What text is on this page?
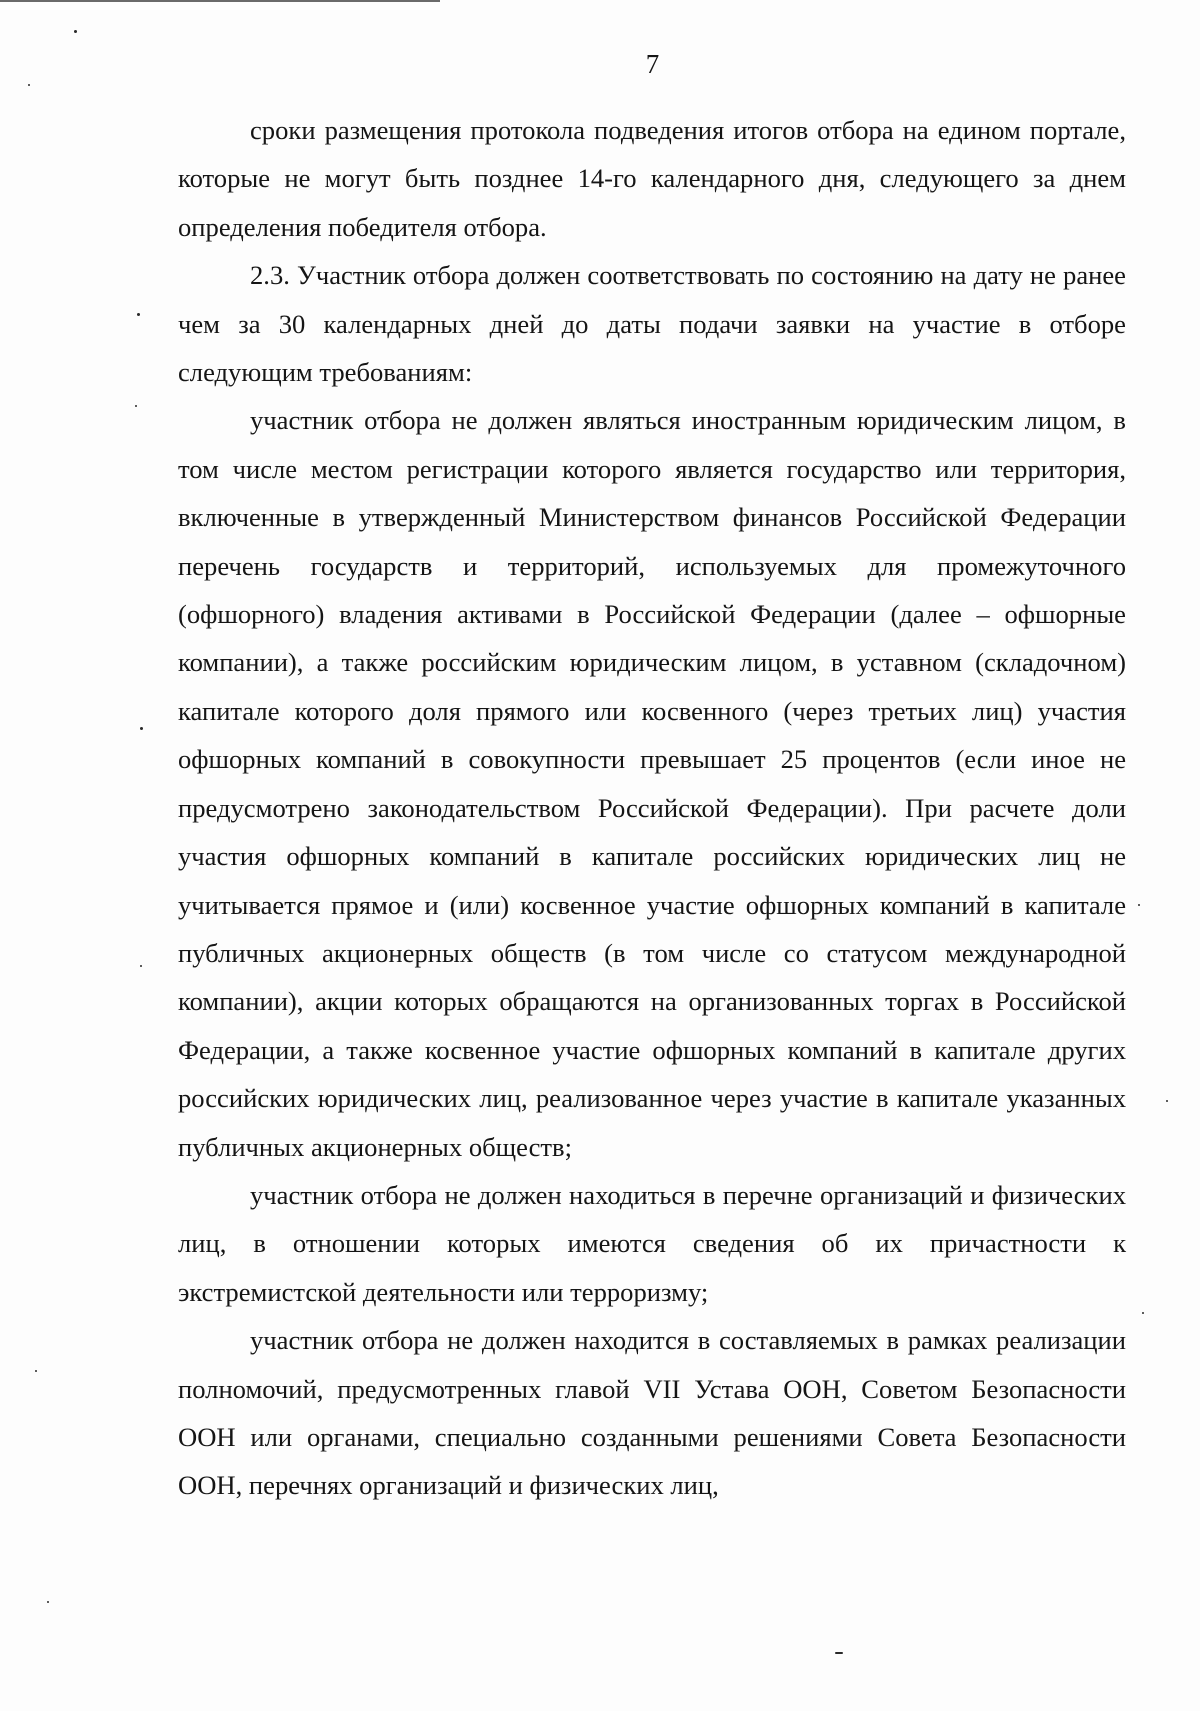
7

сроки размещения протокола подведения итогов отбора на едином портале, которые не могут быть позднее 14-го календарного дня, следующего за днем определения победителя отбора.

2.3. Участник отбора должен соответствовать по состоянию на дату не ранее чем за 30 календарных дней до даты подачи заявки на участие в отборе следующим требованиям:

участник отбора не должен являться иностранным юридическим лицом, в том числе местом регистрации которого является государство или территория, включенные в утвержденный Министерством финансов Российской Федерации перечень государств и территорий, используемых для промежуточного (офшорного) владения активами в Российской Федерации (далее – офшорные компании), а также российским юридическим лицом, в уставном (складочном) капитале которого доля прямого или косвенного (через третьих лиц) участия офшорных компаний в совокупности превышает 25 процентов (если иное не предусмотрено законодательством Российской Федерации). При расчете доли участия офшорных компаний в капитале российских юридических лиц не учитывается прямое и (или) косвенное участие офшорных компаний в капитале публичных акционерных обществ (в том числе со статусом международной компании), акции которых обращаются на организованных торгах в Российской Федерации, а также косвенное участие офшорных компаний в капитале других российских юридических лиц, реализованное через участие в капитале указанных публичных акционерных обществ;

участник отбора не должен находиться в перечне организаций и физических лиц, в отношении которых имеются сведения об их причастности к экстремистской деятельности или терроризму;

участник отбора не должен находится в составляемых в рамках реализации полномочий, предусмотренных главой VII Устава ООН, Советом Безопасности ООН или органами, специально созданными решениями Совета Безопасности ООН, перечнях организаций и физических лиц,
